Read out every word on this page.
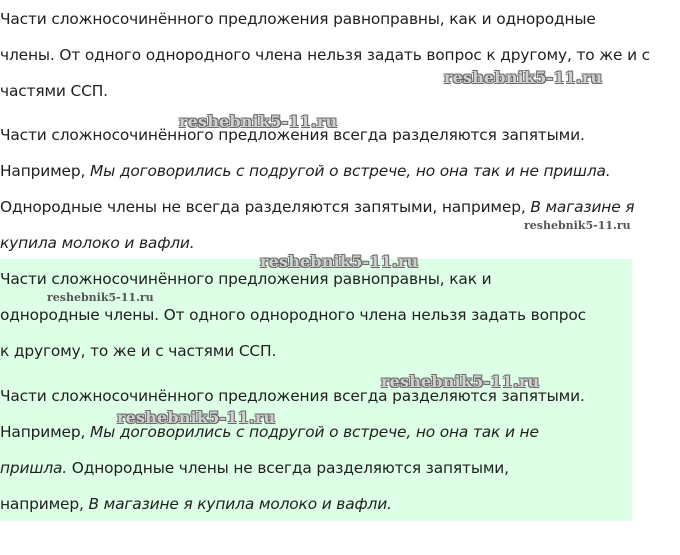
Части сложносочинённого предложения равноправны, как и однородные
члены. От одного однородного члена нельзя задать вопрос к другому, то же и с
частями ССП.
Части сложносочинённого предложения всегда разделяются запятыми.
Например, Мы договорились с подругой о встрече, но она так и не пришла.
Однородные члены не всегда разделяются запятыми, например, В магазине я
купила молоко и вафли.
Части сложносочинённого предложения равноправны, как и
однородные члены. От одного однородного члена нельзя задать вопрос
к другому, то же и с частями ССП.
Части сложносочинённого предложения всегда разделяются запятыми.
Например, Мы договорились с подругой о встрече, но она так и не
пришла. Однородные члены не всегда разделяются запятыми,
например, В магазине я купила молоко и вафли.
reshebnik5-11.ru
reshebnik5-11.ru
reshebnik5-11.ru
reshebnik5-11.ru
reshebnik5-11.ru
reshebnik5-11.ru
reshebnik5-11.ru
